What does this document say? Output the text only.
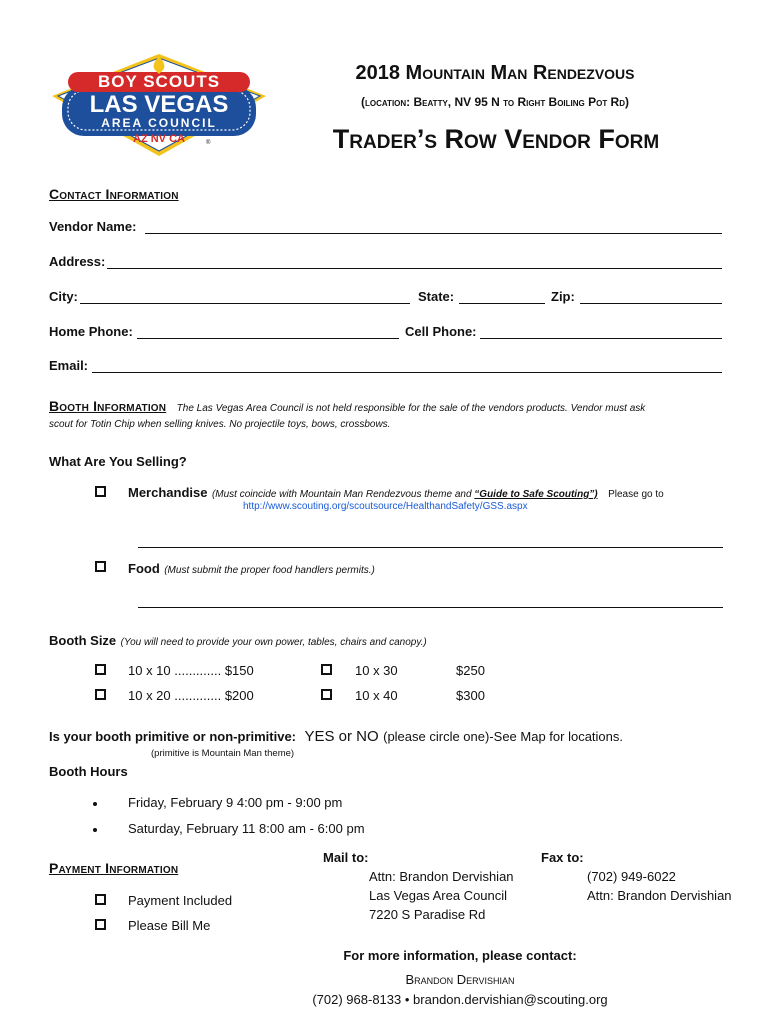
BOY SCOUTS
LAS VEGAS
AREA COUNCIL
AZ NV CA	®
2018 Mountain Man Rendezvous
(location: Beatty, NV 95 N to Right Boiling Pot Rd)
Trader’s Row Vendor Form
Contact Information
Vendor Name:
Address:
City:	State:	Zip:
Home Phone:	Cell Phone:
Email:
Booth Information The Las Vegas Area Council is not held responsible for the sale of the vendors products. Vendor must ask
scout for Totin Chip when selling knives. No projectile toys, bows, crossbows.
What Are You Selling?
Merchandise (Must coincide with Mountain Man Rendezvous theme and “Guide to Safe Scouting”) Please go to
http://www.scouting.org/scoutsource/HealthandSafety/GSS.aspx
Food (Must submit the proper food handlers permits.)
Booth Size (You will need to provide your own power, tables, chairs and canopy.)
10 x 10 ............. $150
10 x 20 ............. $200
10 x 30	$250
10 x 40	$300
Is your booth primitive or non-primitive: YES or NO (please circle one)-See Map for locations.
(primitive is Mountain Man theme)
Booth Hours
Friday, February 9 4:00 pm - 9:00 pm
Saturday, February 11 8:00 am - 6:00 pm
Payment Information
Payment Included
Please Bill Me
Mail to:
Attn: Brandon Dervishian
Las Vegas Area Council
7220 S Paradise Rd
Fax to:
(702) 949-6022
Attn: Brandon Dervishian
For more information, please contact:
Brandon Dervishian
(702) 968-8133 • brandon.dervishian@scouting.org
